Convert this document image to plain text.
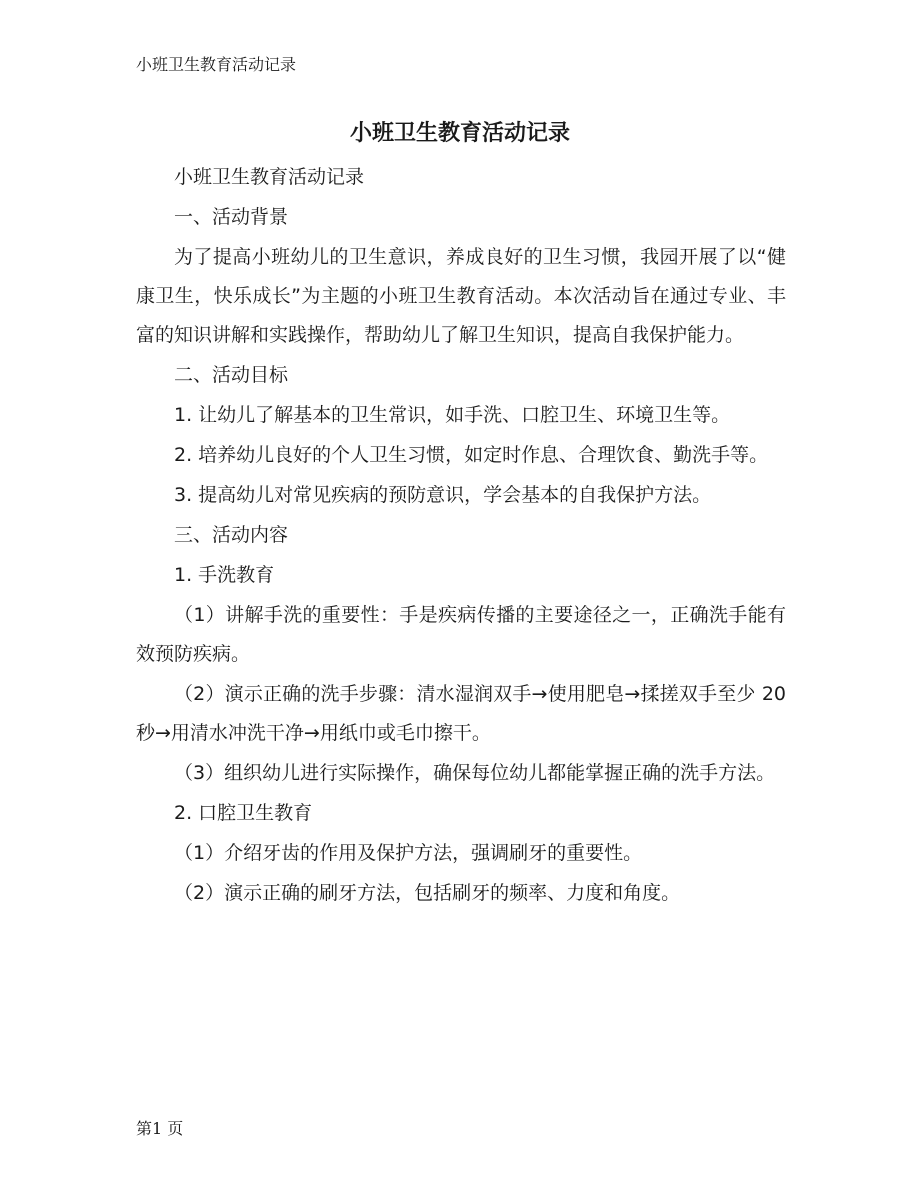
小班卫生教育活动记录
小班卫生教育活动记录

小班卫生教育活动记录

一、活动背景

为了提高小班幼儿的卫生意识，养成良好的卫生习惯，我园开展了以“健康卫生，快乐成长”为主题的小班卫生教育活动。本次活动旨在通过专业、丰富的知识讲解和实践操作，帮助幼儿了解卫生知识，提高自我保护能力。

二、活动目标

1. 让幼儿了解基本的卫生常识，如手洗、口腔卫生、环境卫生等。

2. 培养幼儿良好的个人卫生习惯，如定时作息、合理饮食、勤洗手等。

3. 提高幼儿对常见疾病的预防意识，学会基本的自我保护方法。

三、活动内容

1. 手洗教育

（1）讲解手洗的重要性：手是疾病传播的主要途径之一，正确洗手能有效预防疾病。

（2）演示正确的洗手步骤：清水湿润双手→使用肥皂→揉搓双手至少 20 秒→用清水冲洗干净→用纸巾或毛巾擦干。

（3）组织幼儿进行实际操作，确保每位幼儿都能掌握正确的洗手方法。

2. 口腔卫生教育

（1）介绍牙齿的作用及保护方法，强调刷牙的重要性。

（2）演示正确的刷牙方法，包括刷牙的频率、力度和角度。

第1 页
